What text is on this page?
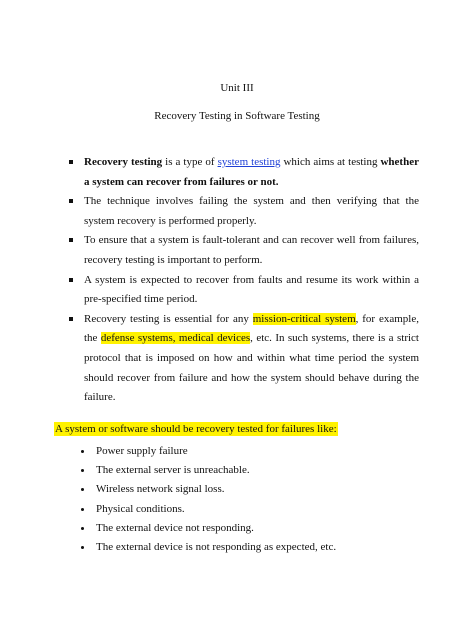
Unit III
Recovery Testing in Software Testing
Recovery testing is a type of system testing which aims at testing whether a system can recover from failures or not.
The technique involves failing the system and then verifying that the system recovery is performed properly.
To ensure that a system is fault-tolerant and can recover well from failures, recovery testing is important to perform.
A system is expected to recover from faults and resume its work within a pre-specified time period.
Recovery testing is essential for any mission-critical system, for example, the defense systems, medical devices, etc. In such systems, there is a strict protocol that is imposed on how and within what time period the system should recover from failure and how the system should behave during the failure.
A system or software should be recovery tested for failures like:
Power supply failure
The external server is unreachable.
Wireless network signal loss.
Physical conditions.
The external device not responding.
The external device is not responding as expected, etc.
